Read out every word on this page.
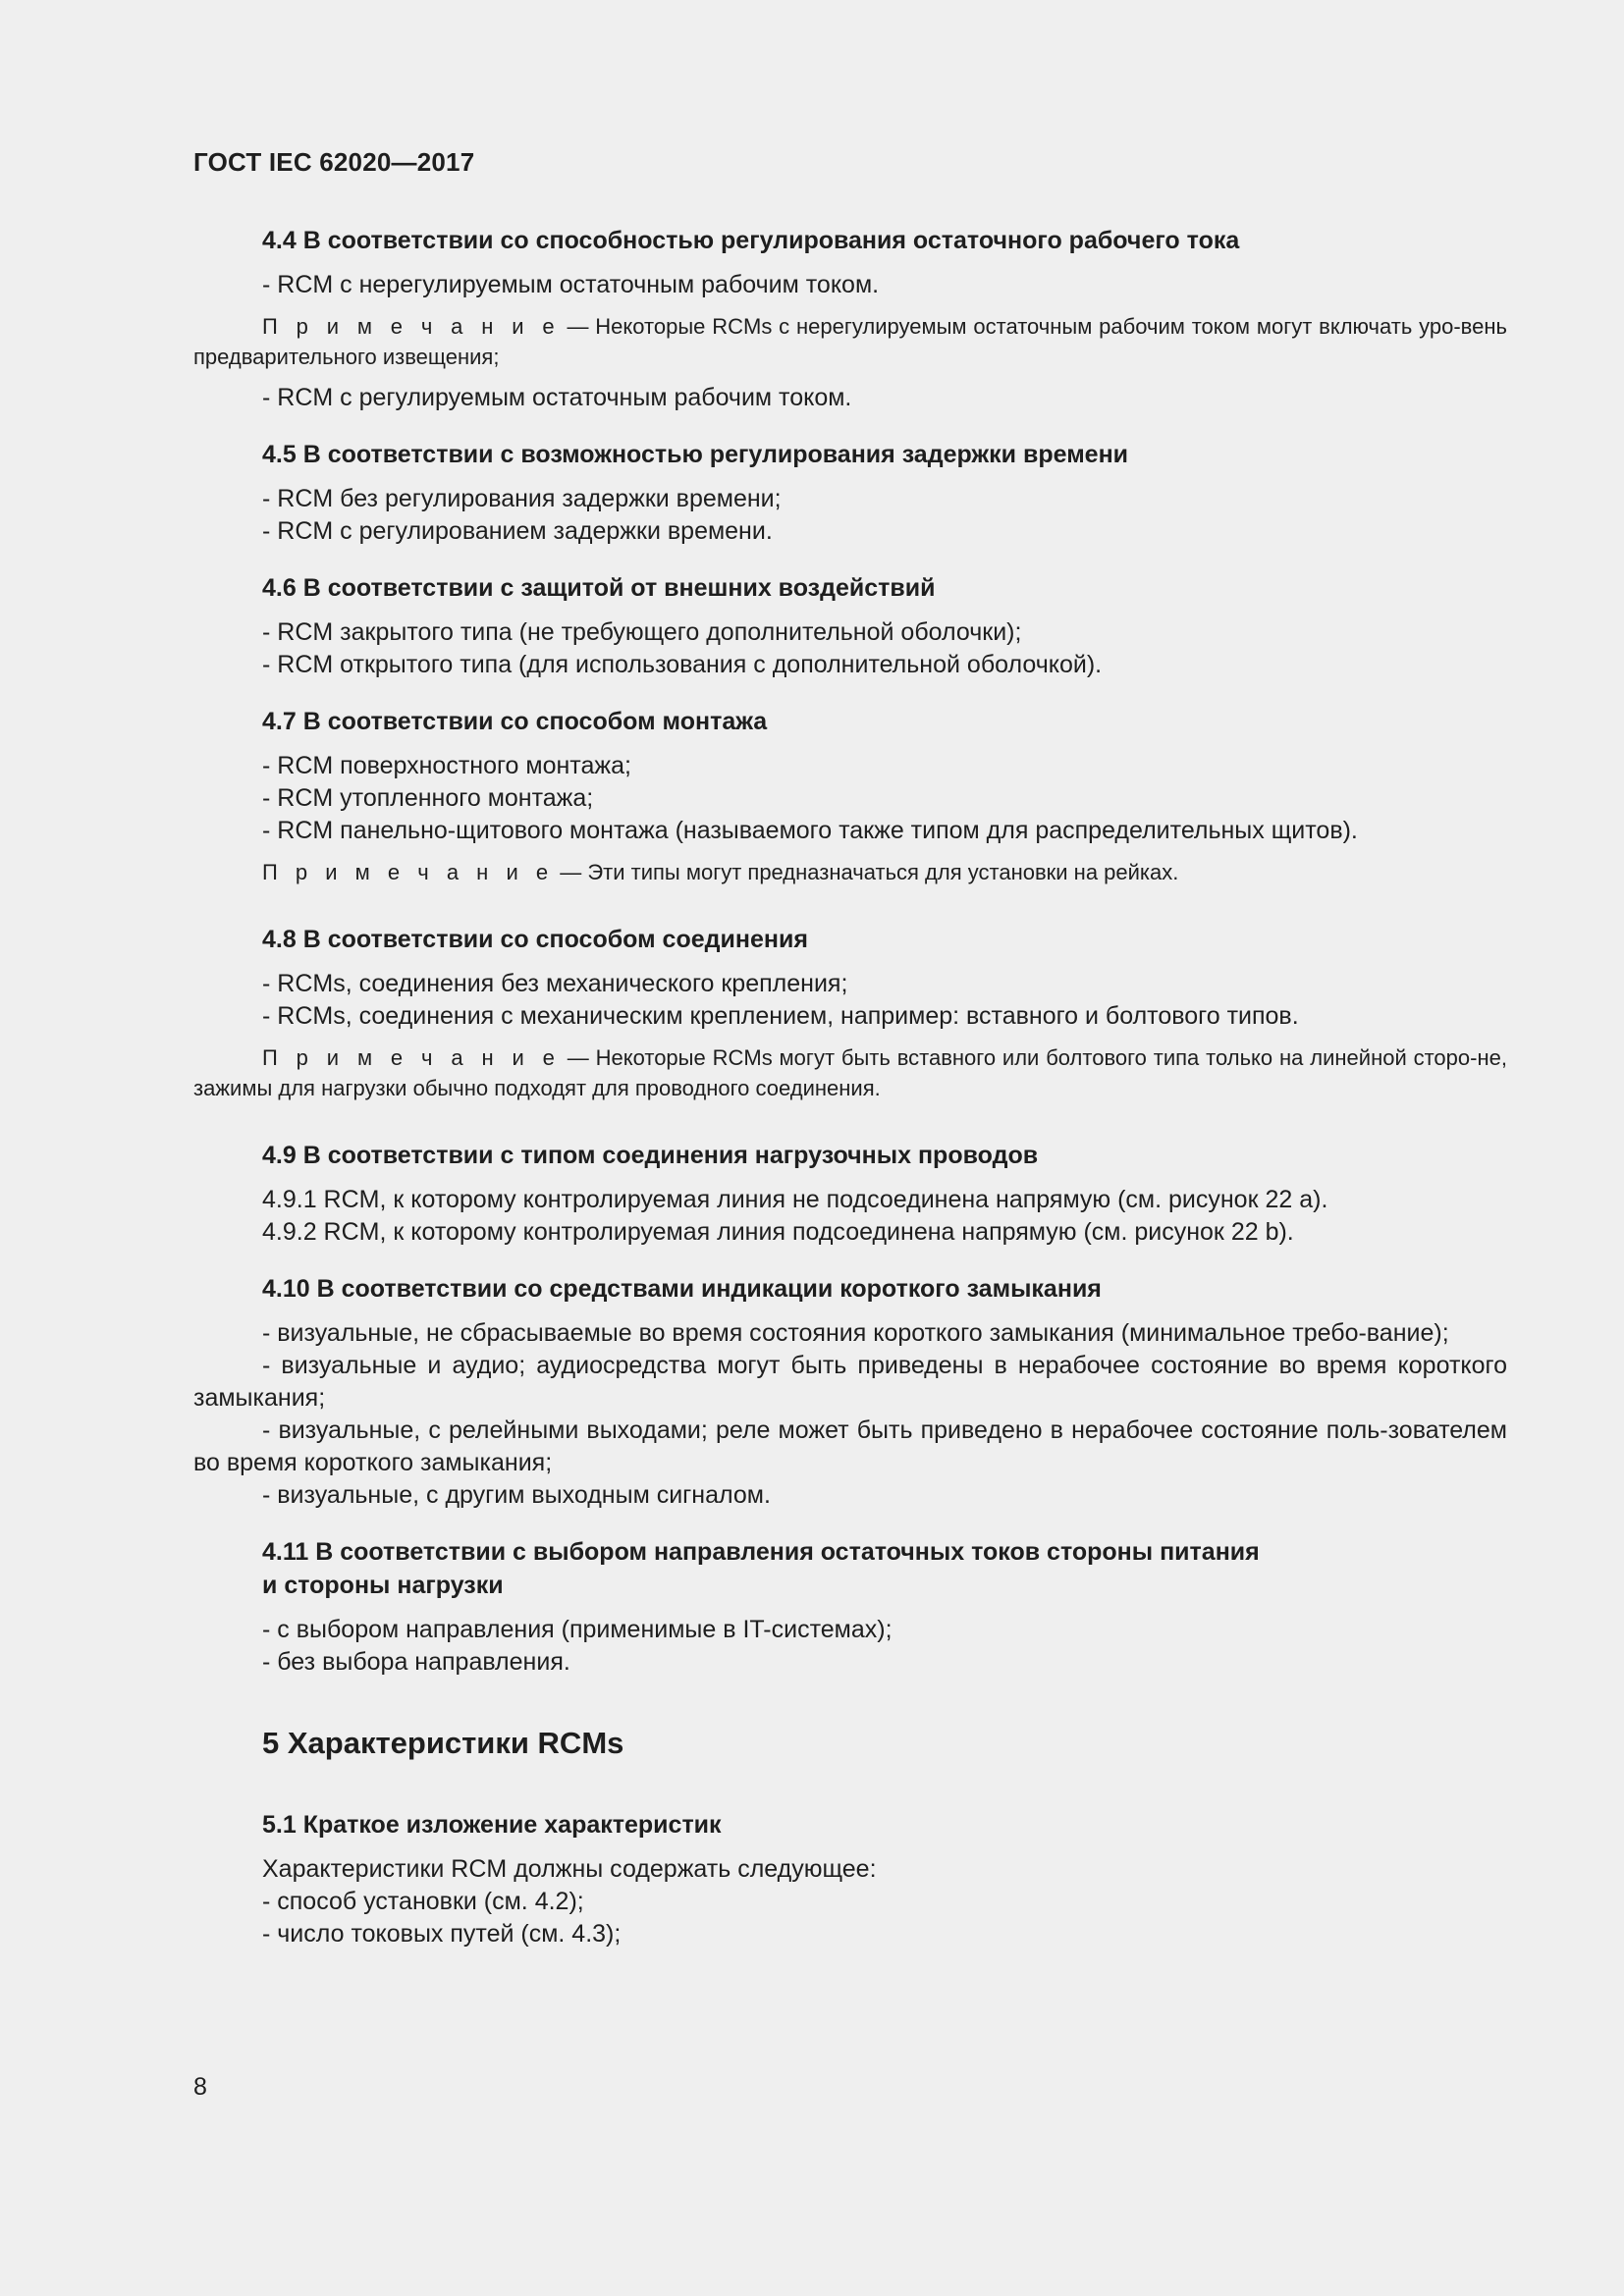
ГОСТ IEC 62020—2017
4.4 В соответствии со способностью регулирования остаточного рабочего тока

- RCM с нерегулируемым остаточным рабочим током.

П р и м е ч а н и е — Некоторые RCMs с нерегулируемым остаточным рабочим током могут включать уро-вень предварительного извещения;

- RCM с регулируемым остаточным рабочим током.

4.5 В соответствии с возможностью регулирования задержки времени

- RCM без регулирования задержки времени;

- RCM с регулированием задержки времени.

4.6 В соответствии с защитой от внешних воздействий

- RCM закрытого типа (не требующего дополнительной оболочки);

- RCM открытого типа (для использования с дополнительной оболочкой).

4.7 В соответствии со способом монтажа

- RCM поверхностного монтажа;

- RCM утопленного монтажа;

- RCM панельно-щитового монтажа (называемого также типом для распределительных щитов).

П р и м е ч а н и е — Эти типы могут предназначаться для установки на рейках.

4.8 В соответствии со способом соединения

- RCMs, соединения без механического крепления;

- RCMs, соединения с механическим креплением, например: вставного и болтового типов.

П р и м е ч а н и е — Некоторые RCMs могут быть вставного или болтового типа только на линейной сторо-не, зажимы для нагрузки обычно подходят для проводного соединения.

4.9 В соответствии с типом соединения нагрузочных проводов

4.9.1 RCM, к которому контролируемая линия не подсоединена напрямую (см. рисунок 22 а).

4.9.2 RCM, к которому контролируемая линия подсоединена напрямую (см. рисунок 22 b).

4.10 В соответствии со средствами индикации короткого замыкания

- визуальные, не сбрасываемые во время состояния короткого замыкания (минимальное требо-вание);

- визуальные и аудио; аудиосредства могут быть приведены в нерабочее состояние во время короткого замыкания;

- визуальные, с релейными выходами; реле может быть приведено в нерабочее состояние поль-зователем во время короткого замыкания;

- визуальные, с другим выходным сигналом.

4.11 В соответствии с выбором направления остаточных токов стороны питания
и стороны нагрузки

- с выбором направления (применимые в IT-системах);

- без выбора направления.

5 Характеристики RCMs
5.1 Краткое изложение характеристик

Характеристики RCM должны содержать следующее:

- способ установки (см. 4.2);

- число токовых путей (см. 4.3);

8
